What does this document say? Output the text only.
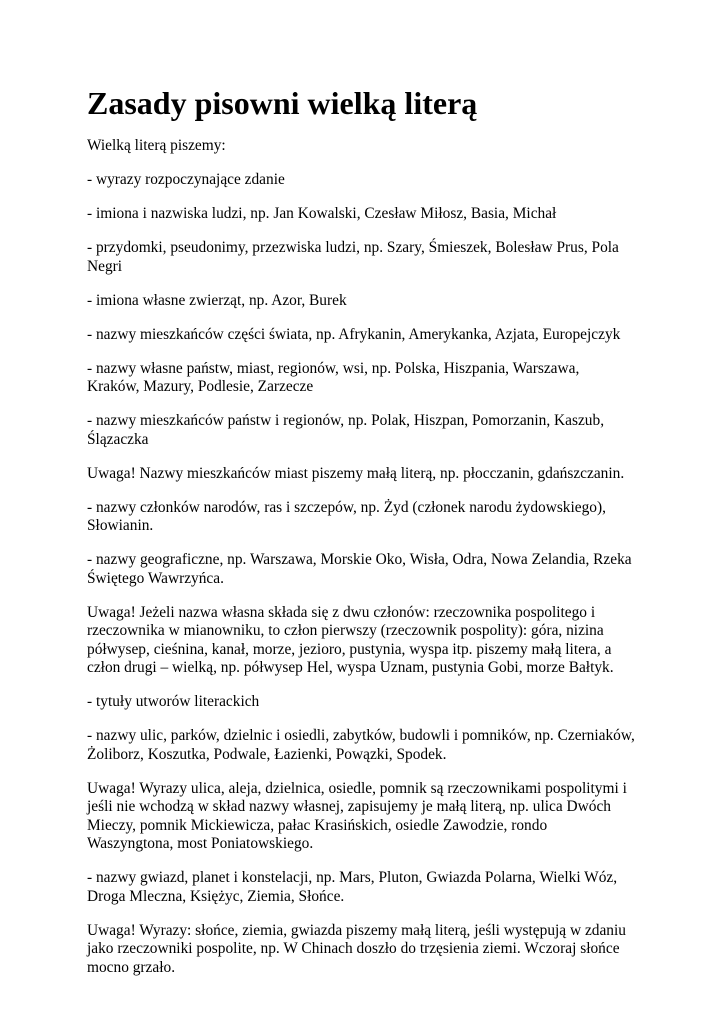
Zasady pisowni wielką literą

Wielką literą piszemy:

- wyrazy rozpoczynające zdanie

- imiona i nazwiska ludzi, np. Jan Kowalski, Czesław Miłosz, Basia, Michał

- przydomki, pseudonimy, przezwiska ludzi, np. Szary, Śmieszek, Bolesław Prus, Pola Negri

- imiona własne zwierząt, np. Azor, Burek

- nazwy mieszkańców części świata, np. Afrykanin, Amerykanka, Azjata, Europejczyk

- nazwy własne państw, miast, regionów, wsi, np. Polska, Hiszpania, Warszawa, Kraków, Mazury, Podlesie, Zarzecze

- nazwy mieszkańców państw i regionów, np. Polak, Hiszpan, Pomorzanin, Kaszub, Ślązaczka

Uwaga! Nazwy mieszkańców miast piszemy małą literą, np. płocczanin, gdańszczanin.

- nazwy członków narodów, ras i szczepów, np. Żyd (członek narodu żydowskiego), Słowianin.

- nazwy geograficzne, np. Warszawa, Morskie Oko, Wisła, Odra, Nowa Zelandia, Rzeka Świętego Wawrzyńca.

Uwaga! Jeżeli nazwa własna składa się z dwu członów: rzeczownika pospolitego i rzeczownika w mianowniku, to człon pierwszy (rzeczownik pospolity): góra, nizina półwysep, cieśnina, kanał, morze, jezioro, pustynia, wyspa itp. piszemy małą litera, a człon drugi – wielką, np. półwysep Hel, wyspa Uznam, pustynia Gobi, morze Bałtyk.

- tytuły utworów literackich

- nazwy ulic, parków, dzielnic i osiedli, zabytków, budowli i pomników, np. Czerniaków, Żoliborz, Koszutka, Podwale, Łazienki, Powązki, Spodek.

Uwaga! Wyrazy ulica, aleja, dzielnica, osiedle, pomnik są rzeczownikami pospolitymi i jeśli nie wchodzą w skład nazwy własnej, zapisujemy je małą literą, np. ulica Dwóch Mieczy, pomnik Mickiewicza, pałac Krasińskich, osiedle Zawodzie, rondo Waszyngtona, most Poniatowskiego.

- nazwy gwiazd, planet i konstelacji, np. Mars, Pluton, Gwiazda Polarna, Wielki Wóz, Droga Mleczna, Księżyc, Ziemia, Słońce.

Uwaga! Wyrazy: słońce, ziemia, gwiazda piszemy małą literą, jeśli występują w zdaniu jako rzeczowniki pospolite, np. W Chinach doszło do trzęsienia ziemi. Wczoraj słońce mocno grzało.
